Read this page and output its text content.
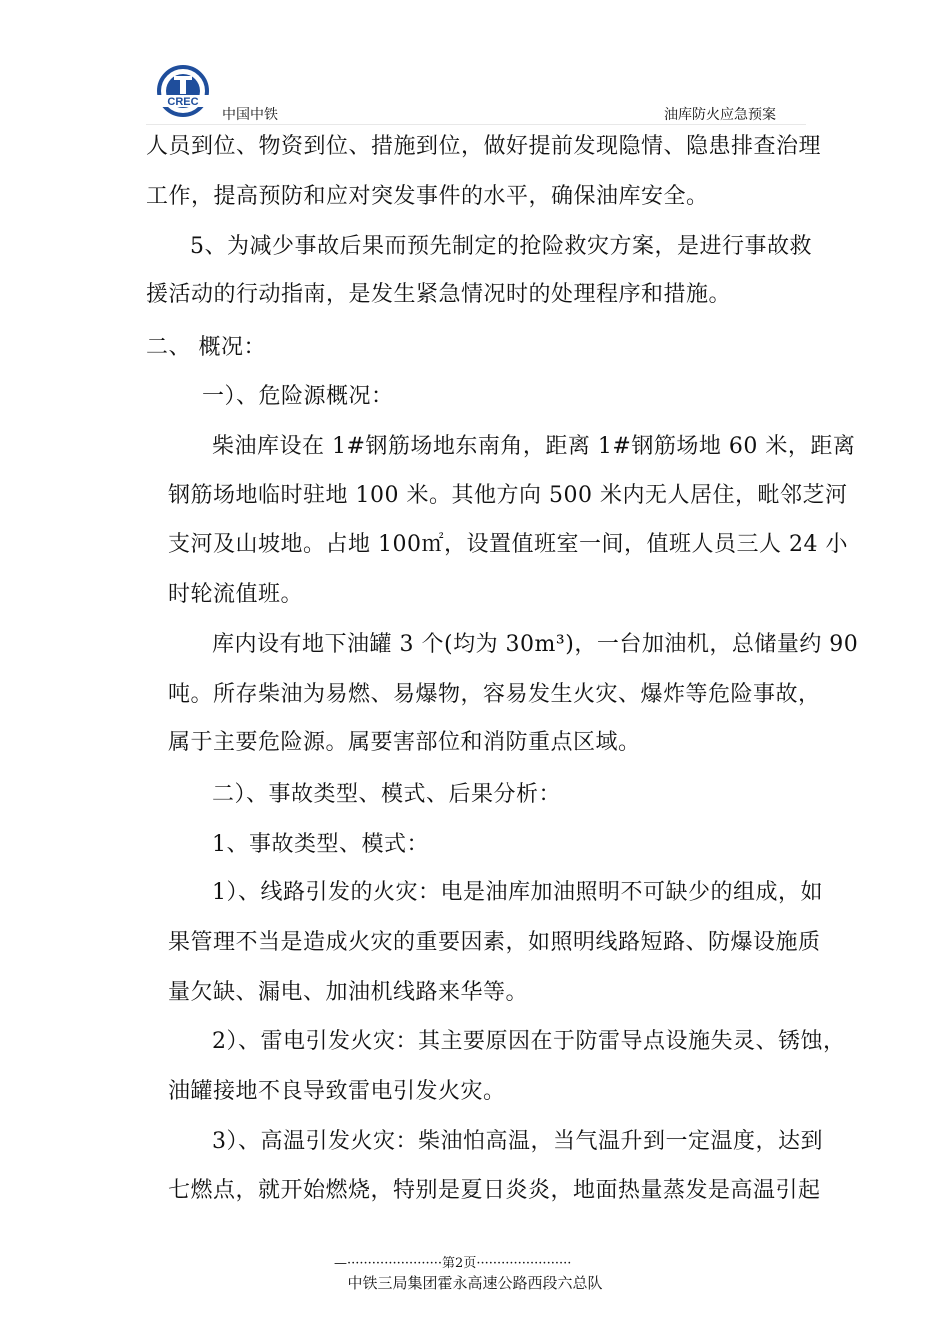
CREC
中国中铁	油库防火应急预案
人员到位、物资到位、措施到位，做好提前发现隐情、隐患排查治理
工作，提高预防和应对突发事件的水平，确保油库安全。
5、为减少事故后果而预先制定的抢险救灾方案，是进行事故救
援活动的行动指南，是发生紧急情况时的处理程序和措施。
二、 概况：
一）、危险源概况：
柴油库设在 1#钢筋场地东南角，距离 1#钢筋场地 60 米，距离
钢筋场地临时驻地 100 米。其他方向 500 米内无人居住，毗邻芝河
支河及山坡地。占地 100㎡，设置值班室一间，值班人员三人 24 小
时轮流值班。
库内设有地下油罐 3 个(均为 30m³)，一台加油机，总储量约 90
吨。所存柴油为易燃、易爆物，容易发生火灾、爆炸等危险事故，
属于主要危险源。属要害部位和消防重点区域。
二）、事故类型、模式、后果分析：
1、事故类型、模式：
1）、线路引发的火灾：电是油库加油照明不可缺少的组成，如
果管理不当是造成火灾的重要因素，如照明线路短路、防爆设施质
量欠缺、漏电、加油机线路来华等。
2）、雷电引发火灾：其主要原因在于防雷导点设施失灵、锈蚀，
油罐接地不良导致雷电引发火灾。
3）、高温引发火灾：柴油怕高温，当气温升到一定温度，达到
七燃点，就开始燃烧，特别是夏日炎炎，地面热量蒸发是高温引起
—·······················第2页·······················
中铁三局集团霍永高速公路西段六总队
